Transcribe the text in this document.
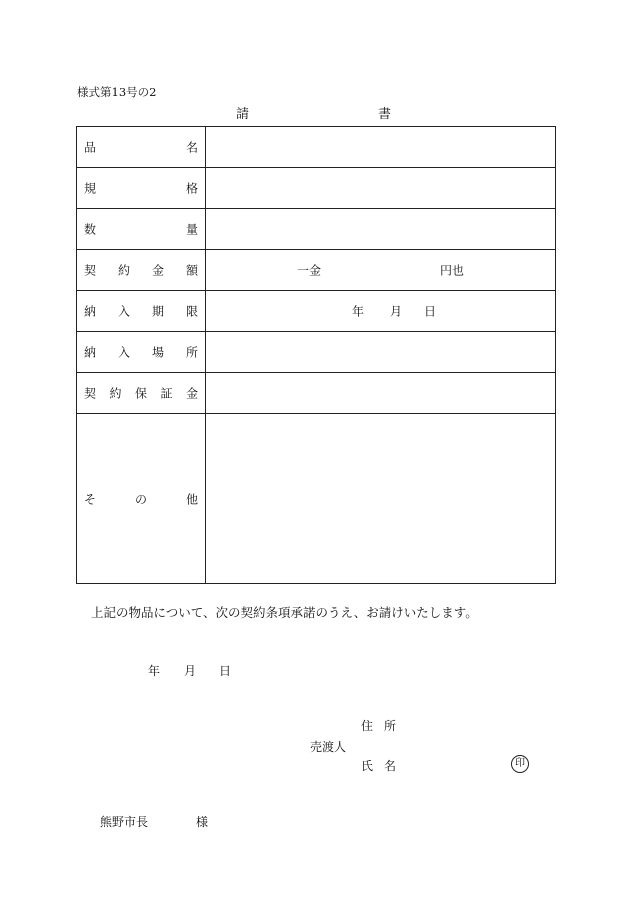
様式第13号の2
請	書
品	名
規	格
数	量
契 約 金 額	一金	円也
納 入 期 限	年 月 日
納 入 場 所
契 約 保 証 金
そ	の	他
上記の物品について、次の契約条項承諾のうえ、お請けいたします。
年 月 日
住 所
売渡人
氏 名	印
熊野市長	様
